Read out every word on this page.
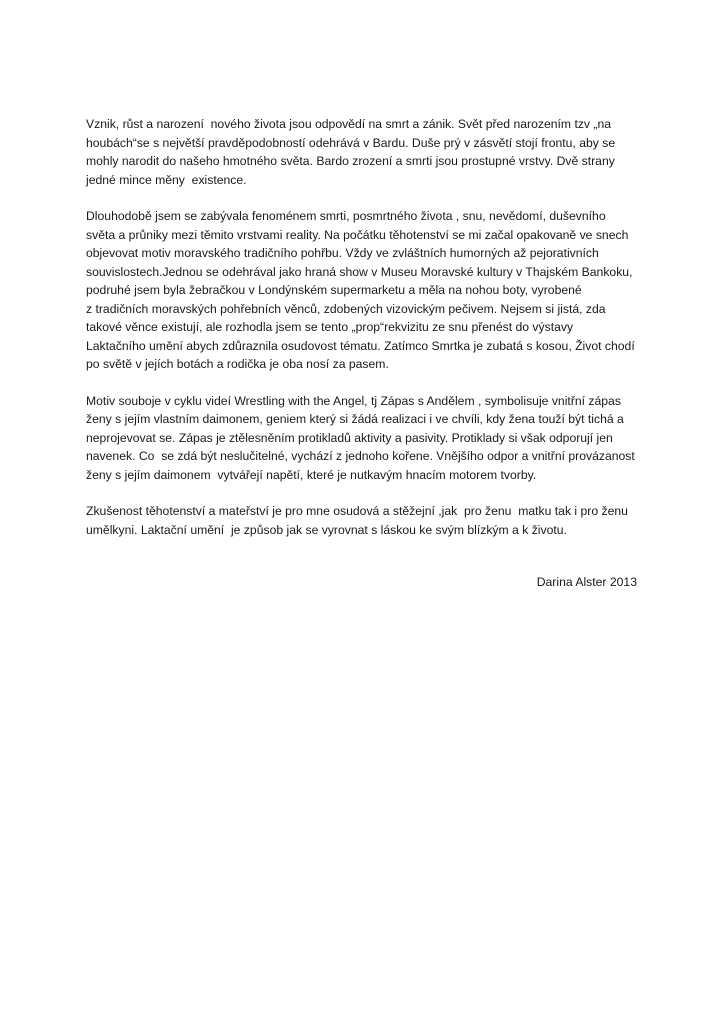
Vznik, růst a narození  nového života jsou odpovědí na smrt a zánik. Svět před narozením tzv „na
houbách“se s největší pravděpodobností odehrává v Bardu. Duše prý v zásvětí stojí frontu, aby se
mohly narodit do našeho hmotného světa. Bardo zrození a smrti jsou prostupné vrstvy. Dvě strany
jedné mince měny  existence.

Dlouhodobě jsem se zabývala fenoménem smrti, posmrtného života , snu, nevědomí, duševního
světa a průniky mezi těmito vrstvami reality. Na počátku těhotenství se mi začal opakovaně ve snech
objevovat motiv moravského tradičního pohřbu. Vždy ve zvláštních humorných až pejorativních
souvislostech.Jednou se odehrával jako hraná show v Museu Moravské kultury v Thajském Bankoku,
podruhé jsem byla žebračkou v Londýnském supermarketu a měla na nohou boty, vyrobené
z tradičních moravských pohřebních věnců, zdobených vizovickým pečivem. Nejsem si jistá, zda
takové věnce existují, ale rozhodla jsem se tento „prop“rekvizitu ze snu přenést do výstavy
Laktačního umění abych zdůraznila osudovost tématu. Zatímco Smrtka je zubatá s kosou, Život chodí
po světě v jejích botách a rodička je oba nosí za pasem.

Motiv souboje v cyklu videí Wrestling with the Angel, tj Zápas s Andělem , symbolisuje vnitřní zápas
ženy s jejím vlastním daimonem, geniem který si žádá realizaci i ve chvíli, kdy žena touží být tichá a
neprojevovat se. Zápas je ztělesněním protikladů aktivity a pasivity. Protiklady si však odporují jen
navenek. Co  se zdá být neslučitelné, vychází z jednoho kořene. Vnějšího odpor a vnitřní provázanost
ženy s jejím daimonem  vytvářejí napětí, které je nutkavým hnacím motorem tvorby.

Zkušenost těhotenství a mateřství je pro mne osudová a stěžejní ,jak  pro ženu  matku tak i pro ženu
umělkyni. Laktační umění  je způsob jak se vyrovnat s láskou ke svým blízkým a k životu.

Darina Alster 2013
